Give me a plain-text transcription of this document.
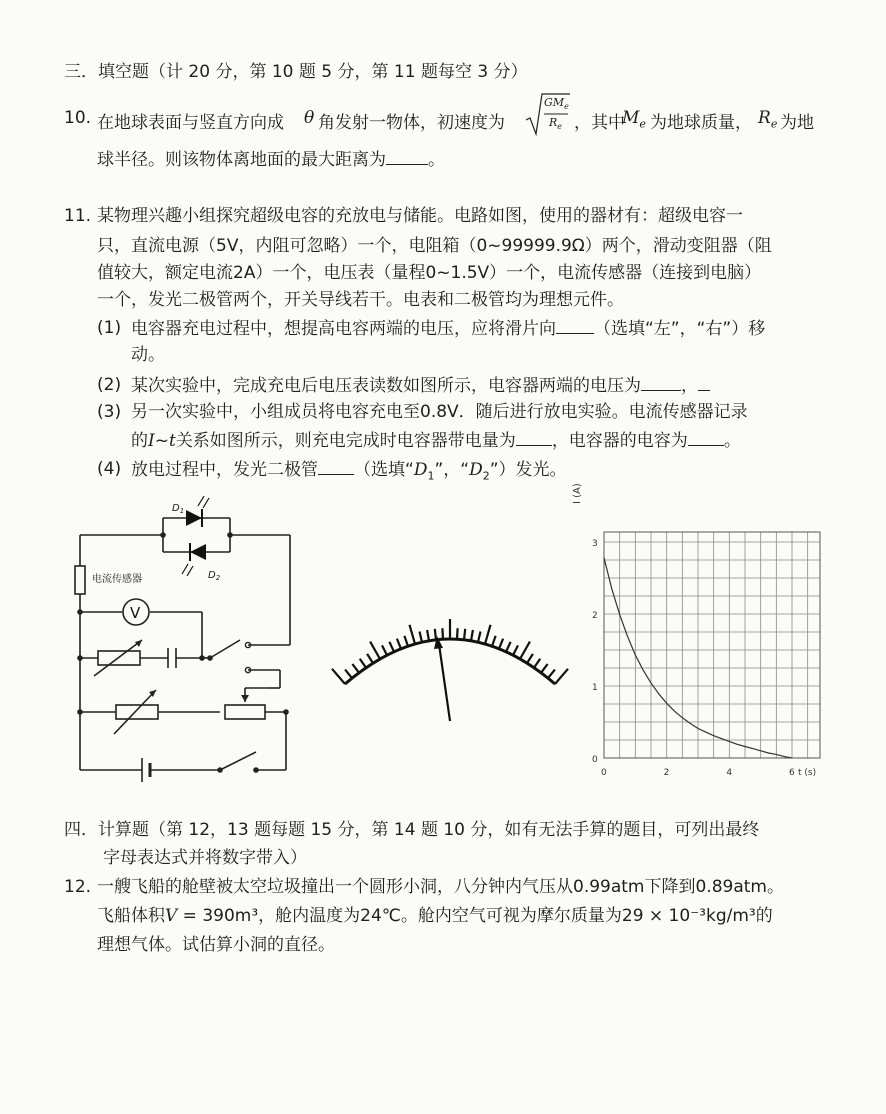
三．填空题（计 20 分，第 10 题 5 分，第 11 题每空 3 分）
10. 在地球表面与竖直方向成 θ 角发射一物体，初速度为
$GM_e$
$R_e$ ，其中
$M_e$ 为地球质量， $R_e$ 为地
球半径。则该物体离地面的最大距离为 。
11. 某物理兴趣小组探究超级电容的充放电与储能。电路如图，使用的器材有：超级电容一
只，直流电源（5V，内阻可忽略）一个，电阻箱（0~99999.9Ω）两个，滑动变阻器（阻
值较大，额定电流2A）一个，电压表（量程0~1.5V）一个，电流传感器（连接到电脑）
一个，发光二极管两个，开关导线若干。电表和二极管均为理想元件。
(1) 电容器充电过程中，想提高电容两端的电压，应将滑片向 （选填“左”，“右”）移
动。
(2) 某次实验中，完成充电后电压表读数如图所示，电容器两端的电压为 ，
(3) 另一次实验中，小组成员将电容充电至0.8V．随后进行放电实验。电流传感器记录
的I~t关系如图所示，则充电完成时电容器带电量为 ，电容器的电容为 。
(4) 放电过程中，发光二极管 （选填“$D_1$”，“$D_2$”）发光。
V
电流传感器
$D_1$
$D_2$
0	2	4	6
0
1
2
3
I (A)
t (s)
四．计算题（第 12，13 题每题 15 分，第 14 题 10 分，如有无法手算的题目，可列出最终
字母表达式并将数字带入）
12. 一艘飞船的舱壁被太空垃圾撞出一个圆形小洞，八分钟内气压从0.99atm下降到0.89atm。
飞船体积V = 390m³，舱内温度为24℃。舱内空气可视为摩尔质量为29 × 10⁻³kg/m³的
理想气体。试估算小洞的直径。
